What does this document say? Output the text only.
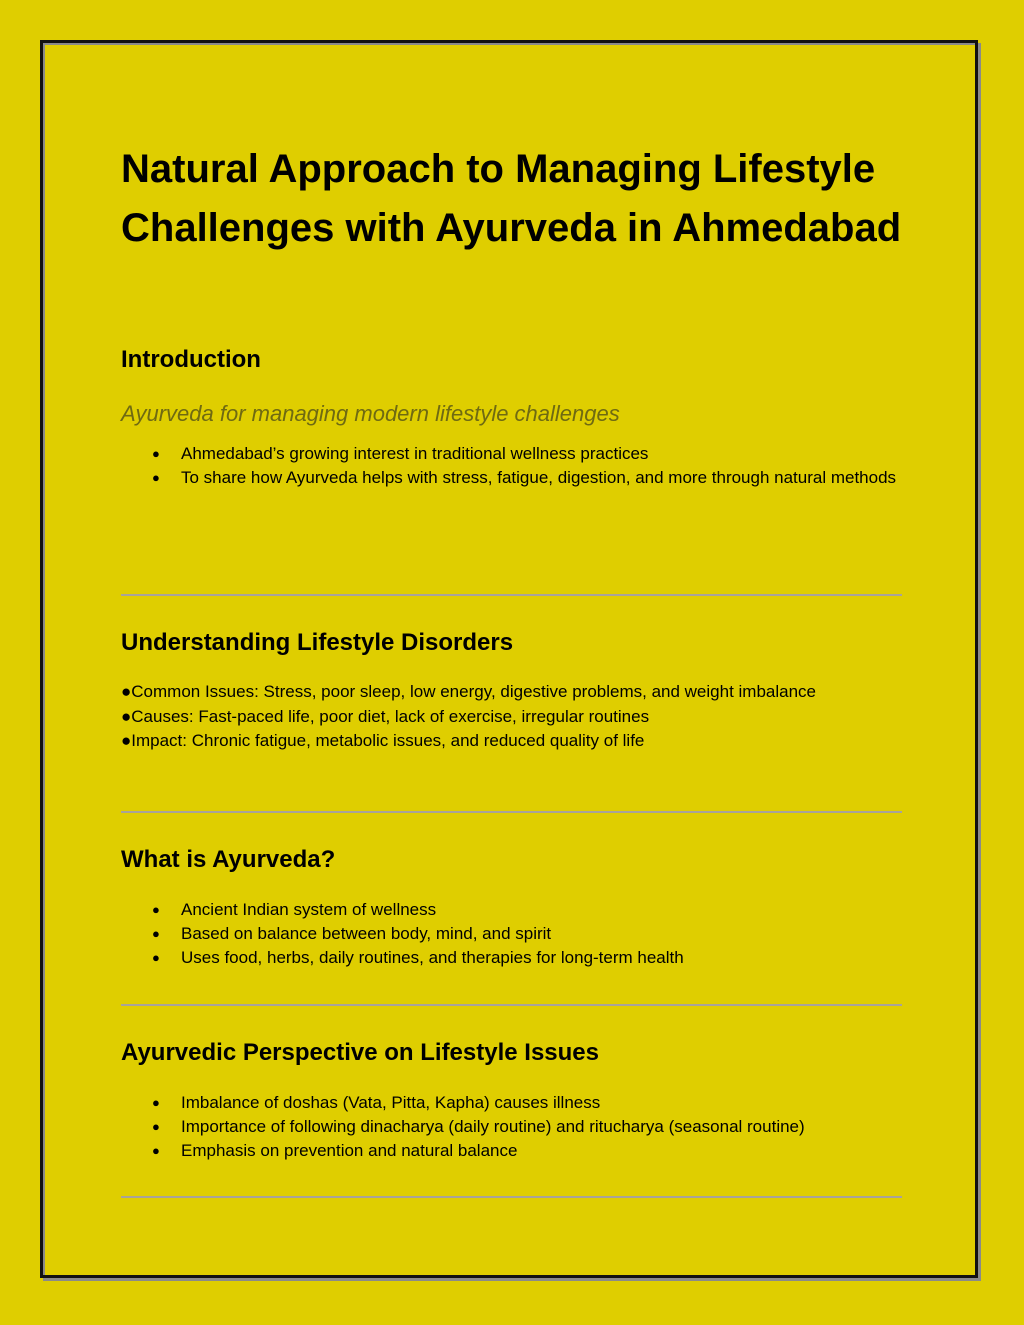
Natural Approach to Managing Lifestyle Challenges with Ayurveda in Ahmedabad
Introduction

Ayurveda for managing modern lifestyle challenges

● Ahmedabad’s growing interest in traditional wellness practices
● To share how Ayurveda helps with stress, fatigue, digestion, and more through natural methods
Understanding Lifestyle Disorders

●Common Issues: Stress, poor sleep, low energy, digestive problems, and weight imbalance

●Causes: Fast-paced life, poor diet, lack of exercise, irregular routines

●Impact: Chronic fatigue, metabolic issues, and reduced quality of life

What is Ayurveda?
● Ancient Indian system of wellness
● Based on balance between body, mind, and spirit
● Uses food, herbs, daily routines, and therapies for long-term health
Ayurvedic Perspective on Lifestyle Issues
● Imbalance of doshas (Vata, Pitta, Kapha) causes illness
● Importance of following dinacharya (daily routine) and ritucharya (seasonal routine)
● Emphasis on prevention and natural balance
